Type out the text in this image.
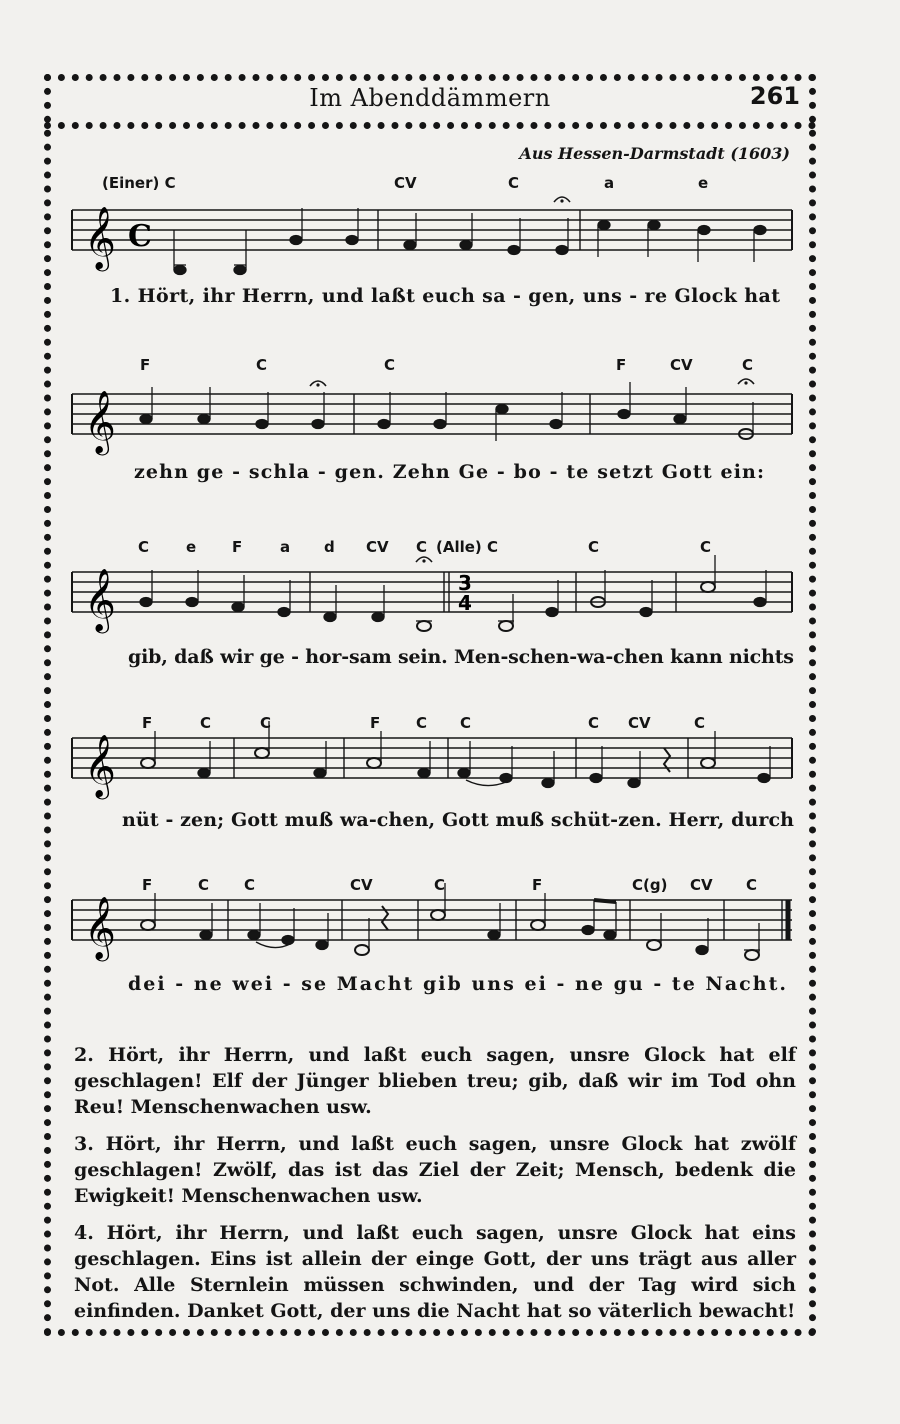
Im Abenddämmern	261
Aus Hessen-Darmstadt (1603)
𝄞 C
(Einer) C	CV	C	a	e
1. Hört, ihr Herrn, und laßt euch sa - gen, uns - re Glock hat
𝄞
F	C	C	F	CV	C
zehn ge - schla - gen. Zehn Ge - bo - te setzt Gott ein:
𝄞	3
4
C e F	a d CV C (Alle) C	C	C
gib, daß wir ge - hor-sam sein. Men-schen-wa-chen kann nichts
𝄞
F	C	C	F C C	C CV	C
nüt - zen; Gott muß wa-chen, Gott muß schüt-zen. Herr, durch
𝄞
F	C C	CV	C	F	C(g) CV C
dei - ne wei - se Macht gib uns ei - ne gu - te Nacht.

2. Hört, ihr Herrn, und laßt euch sagen, unsre Glock hat elf geschlagen! Elf der Jünger blieben treu; gib, daß wir im Tod ohn Reu! Menschenwachen usw.

3. Hört, ihr Herrn, und laßt euch sagen, unsre Glock hat zwölf geschlagen! Zwölf, das ist das Ziel der Zeit; Mensch, bedenk die Ewigkeit! Menschenwachen usw.

4. Hört, ihr Herrn, und laßt euch sagen, unsre Glock hat eins geschlagen. Eins ist allein der einge Gott, der uns trägt aus aller Not. Alle Sternlein müssen schwinden, und der Tag wird sich einfinden. Danket Gott, der uns die Nacht hat so väterlich bewacht!
